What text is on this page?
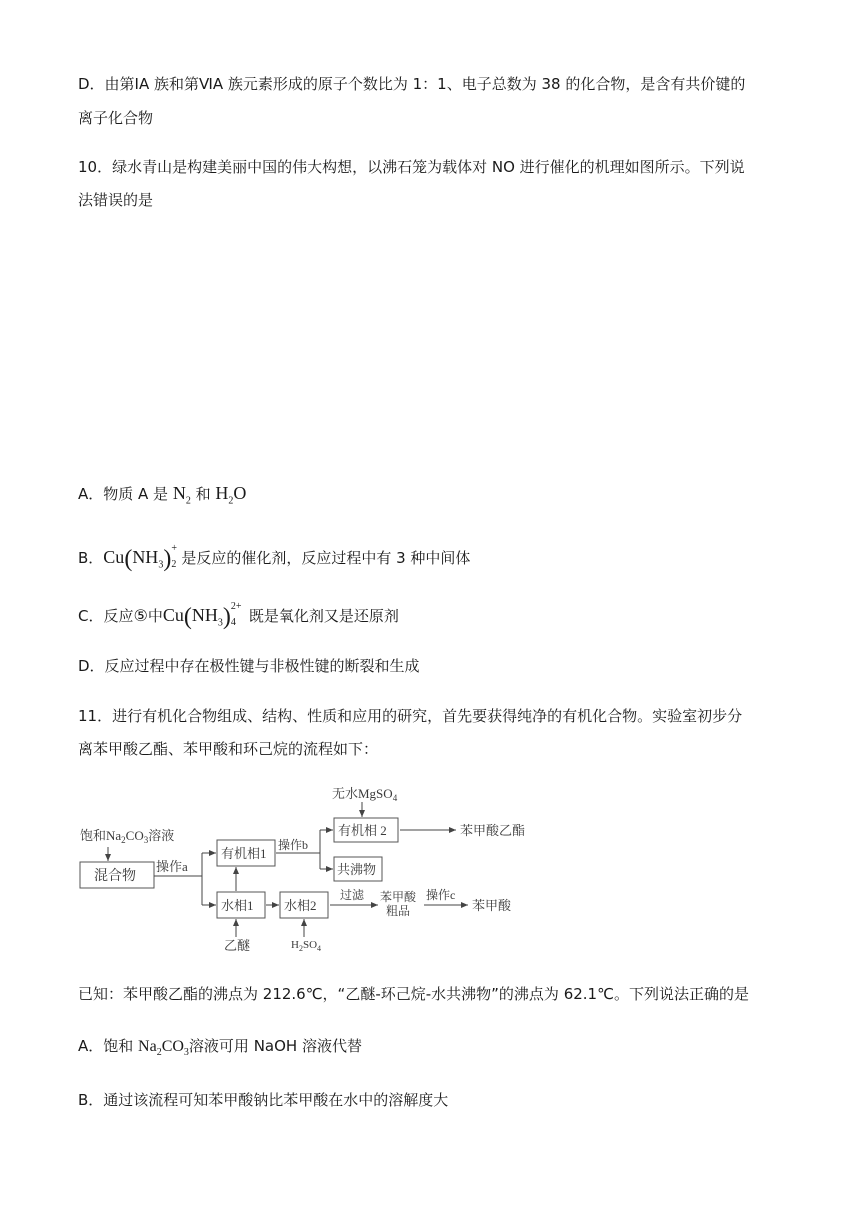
D．由第ⅠA 族和第ⅥA 族元素形成的原子个数比为 1：1、电子总数为 38 的化合物，是含有共价键的
离子化合物
10．绿水青山是构建美丽中国的伟大构想，以沸石笼为载体对 NO 进行催化的机理如图所示。下列说
法错误的是
A．物质 A 是 $N_2$ 和 $H_2O$
B．$Cu(NH_3)$ +
2 是反应的催化剂，反应过程中有 3 种中间体
C．反应⑤中$Cu(NH_3)$ 2+
4 既是氧化剂又是还原剂
D．反应过程中存在极性键与非极性键的断裂和生成
11．进行有机化合物组成、结构、性质和应用的研究，首先要获得纯净的有机化合物。实验室初步分
离苯甲酸乙酯、苯甲酸和环己烷的流程如下：
饱和$Na_2CO_3$溶液
混合物
操作a
有机相1
操作b
无水MgSO$_4$
有机相 2	苯甲酸乙酯
共沸物
水相1 水相2
乙醚	$H_2SO_4$
过滤 苯甲酸
粗品
操作c
苯甲酸
已知：苯甲酸乙酯的沸点为 212.6℃，“乙醚-环己烷-水共沸物”的沸点为 62.1℃。下列说法正确的是
A．饱和 $Na_2CO_3$溶液可用 NaOH 溶液代替
B．通过该流程可知苯甲酸钠比苯甲酸在水中的溶解度大
